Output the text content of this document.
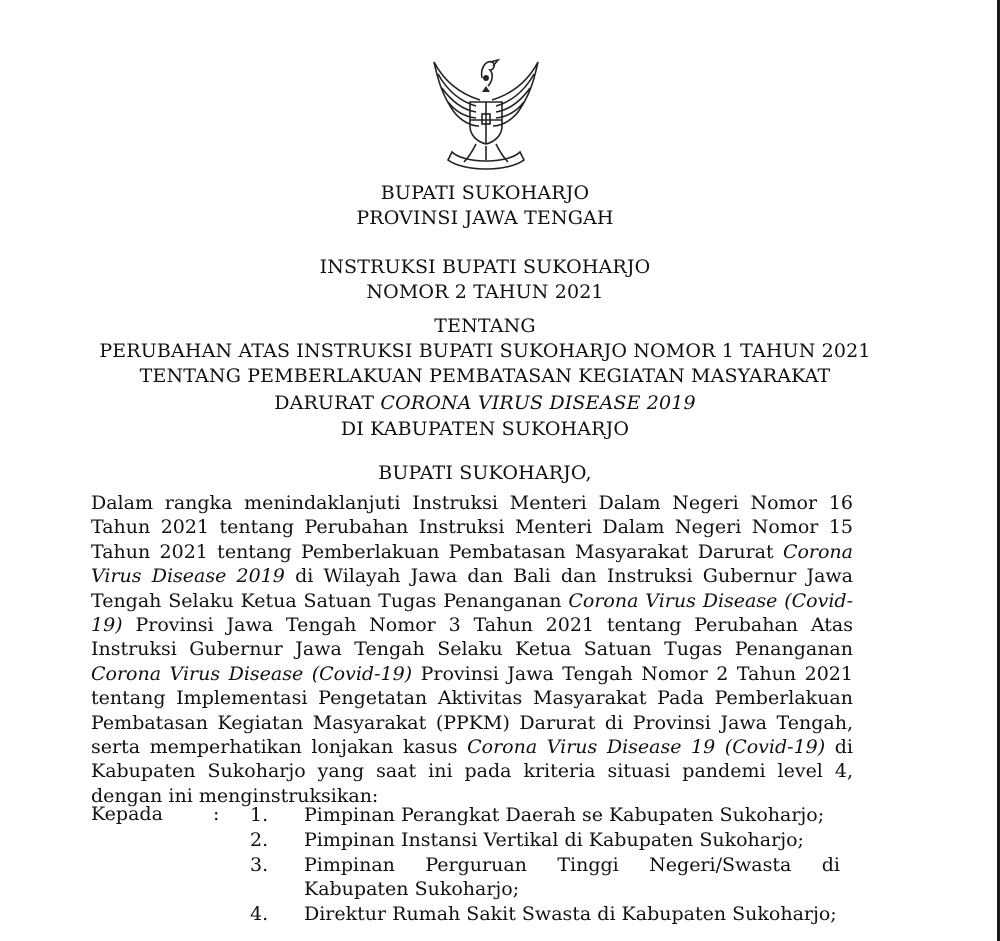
BUPATI SUKOHARJO
PROVINSI JAWA TENGAH
INSTRUKSI BUPATI SUKOHARJO
NOMOR 2 TAHUN 2021
TENTANG
PERUBAHAN ATAS INSTRUKSI BUPATI SUKOHARJO NOMOR 1 TAHUN 2021
TENTANG PEMBERLAKUAN PEMBATASAN KEGIATAN MASYARAKAT
DARURAT CORONA VIRUS DISEASE 2019
DI KABUPATEN SUKOHARJO
BUPATI SUKOHARJO,
Dalam rangka menindaklanjuti Instruksi Menteri Dalam Negeri Nomor 16 Tahun 2021 tentang Perubahan Instruksi Menteri Dalam Negeri Nomor 15 Tahun 2021 tentang Pemberlakuan Pembatasan Masyarakat Darurat Corona Virus Disease 2019 di Wilayah Jawa dan Bali dan Instruksi Gubernur Jawa Tengah Selaku Ketua Satuan Tugas Penanganan Corona Virus Disease (Covid-19) Provinsi Jawa Tengah Nomor 3 Tahun 2021 tentang Perubahan Atas Instruksi Gubernur Jawa Tengah Selaku Ketua Satuan Tugas Penanganan Corona Virus Disease (Covid-19) Provinsi Jawa Tengah Nomor 2 Tahun 2021 tentang Implementasi Pengetatan Aktivitas Masyarakat Pada Pemberlakuan Pembatasan Kegiatan Masyarakat (PPKM) Darurat di Provinsi Jawa Tengah, serta memperhatikan lonjakan kasus Corona Virus Disease 19 (Covid-19) di Kabupaten Sukoharjo yang saat ini pada kriteria situasi pandemi level 4, dengan ini menginstruksikan:
Kepada	: 1.	Pimpinan Perangkat Daerah se Kabupaten Sukoharjo;
2.	Pimpinan Instansi Vertikal di Kabupaten Sukoharjo;
3.	Pimpinan Perguruan Tinggi Negeri/Swasta di Kabupaten Sukoharjo;
4.	Direktur Rumah Sakit Swasta di Kabupaten Sukoharjo;
